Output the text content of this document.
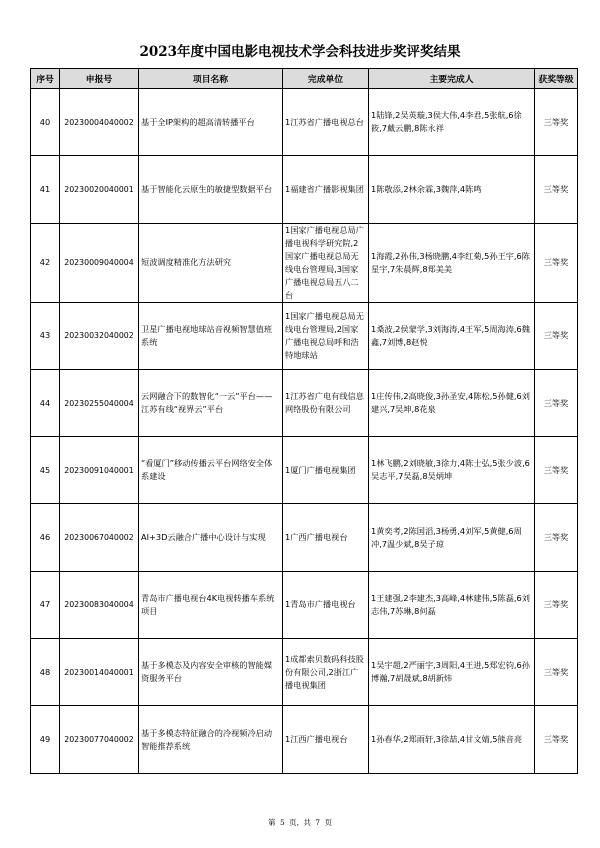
2023年度中国电影电视技术学会科技进步奖评奖结果
序号	申报号	项目名称	完成单位	主要完成人	获奖等级
40	20230004040002	基于全IP架构的超高清转播平台	1江苏省广播电视总台	1陆锋,2吴英璇,3侯大伟,4李君,5张航,6徐筱,7戴云鹏,8陈永祥	三等奖
41	20230020040001	基于智能化云原生的敏捷型数据平台	1福建省广播影视集团	1陈敬添,2林余霖,3魏萍,4陈鸣	三等奖
42	20230009040004	短波调度精准化方法研究	1国家广播电视总局广播电视科学研究院,2国家广播电视总局无线电台管理局,3国家广播电视总局五八二台	1海霞,2孙伟,3杨晓鹏,4李红菊,5孙王宇,6陈星宇,7朱晨辉,8郑美美	三等奖
43	20230032040002	卫星广播电视地球站音视频智慧值班系统	1国家广播电视总局无线电台管理局,2国家广播电视总局呼和浩特地球站	1桑波,2侯蒙学,3刘海涛,4王军,5周海涛,6魏鑫,7刘博,8赵悦	三等奖
44	20230255040004	云网融合下的数智化“一云”平台——江苏有线“视界云”平台	1江苏省广电有线信息网络股份有限公司	1庄传伟,2高晓俊,3孙圣安,4陈松,5孙健,6刘建兴,7吴坤,8花泉	三等奖
45	20230091040001	“看厦门”移动传播云平台网络安全体系建设	1厦门广播电视集团	1林飞鹏,2刘晓敏,3徐力,4陈士弘,5张少波,6吴志平,7吴磊,8吴炳坤	三等奖
46	20230067040002	AI+3D云融合广播中心设计与实现	1广西广播电视台	1黄奕考,2陈国滔,3杨勇,4刘军,5黄健,6周冲,7温少斌,8吴子琼	三等奖
47	20230083040004	青岛市广播电视台4K电视转播车系统项目	1青岛市广播电视台	1王建强,2李建杰,3高峰,4林建伟,5陈磊,6刘志伟,7苏琳,8何磊	三等奖
48	20230014040001	基于多模态及内容安全审核的智能媒资服务平台	1成都索贝数码科技股份有限公司,2浙江广播电视集团	1吴宇超,2严丽宇,3周阳,4王进,5郑宏钧,6孙博瀚,7胡晟斌,8胡新炜	三等奖
49	20230077040002	基于多模态特征融合的冷视频冷启动智能推荐系统	1江西广播电视台	1孙春华,2郑雨轩,3徐喆,4甘文婧,5熊音亮	三等奖
第 5 页, 共 7 页
